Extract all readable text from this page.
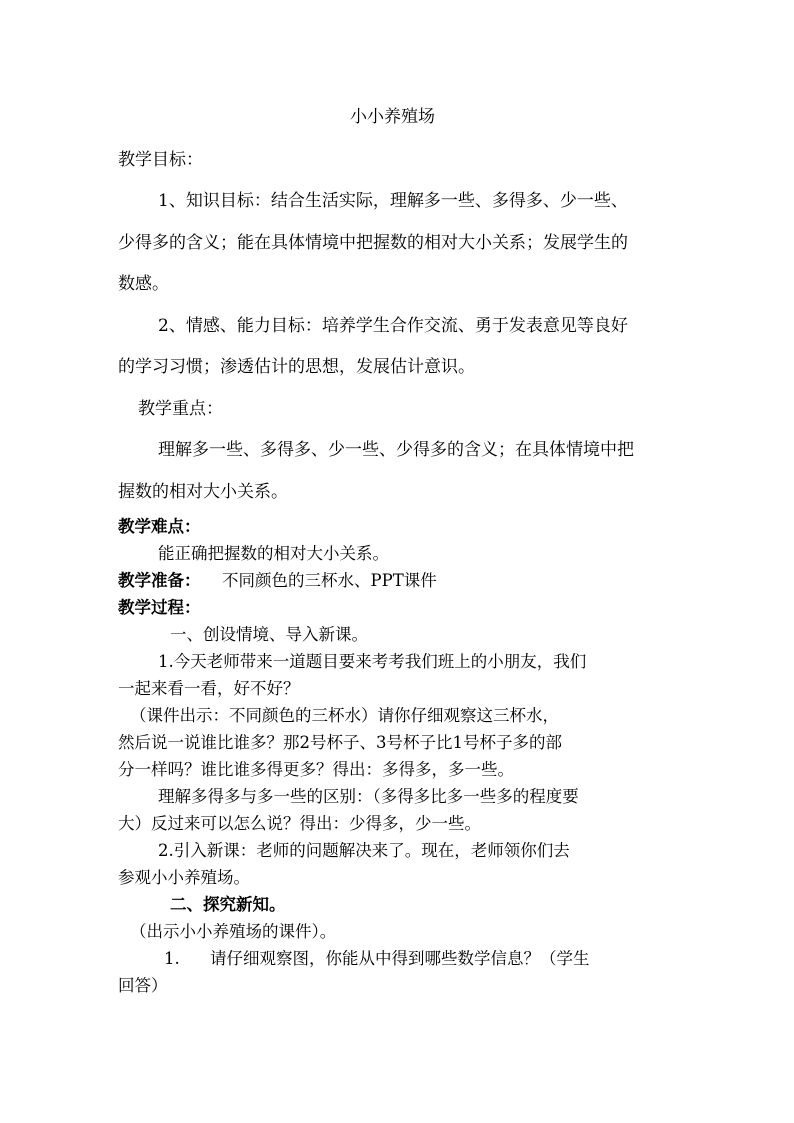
小小养殖场
教学目标：
1、知识目标：结合生活实际，理解多一些、多得多、少一些、
少得多的含义；能在具体情境中把握数的相对大小关系；发展学生的
数感。
2、情感、能力目标：培养学生合作交流、勇于发表意见等良好
的学习习惯；渗透估计的思想，发展估计意识。
教学重点：
理解多一些、多得多、少一些、少得多的含义；在具体情境中把
握数的相对大小关系。
教学难点：
能正确把握数的相对大小关系。
教学准备： 不同颜色的三杯水、PPT课件
教学过程：
一、创设情境、导入新课。
1.今天老师带来一道题目要来考考我们班上的小朋友，我们
一起来看一看，好不好？
（课件出示：不同颜色的三杯水）请你仔细观察这三杯水，
然后说一说谁比谁多？那2号杯子、3号杯子比1号杯子多的部
分一样吗？谁比谁多得更多？得出：多得多，多一些。
理解多得多与多一些的区别：（多得多比多一些多的程度要
大）反过来可以怎么说？得出：少得多，少一些。
2.引入新课：老师的问题解决来了。现在，老师领你们去
参观小小养殖场。
二、探究新知。
（出示小小养殖场的课件）。
1. 请仔细观察图，你能从中得到哪些数学信息？（学生
回答）
